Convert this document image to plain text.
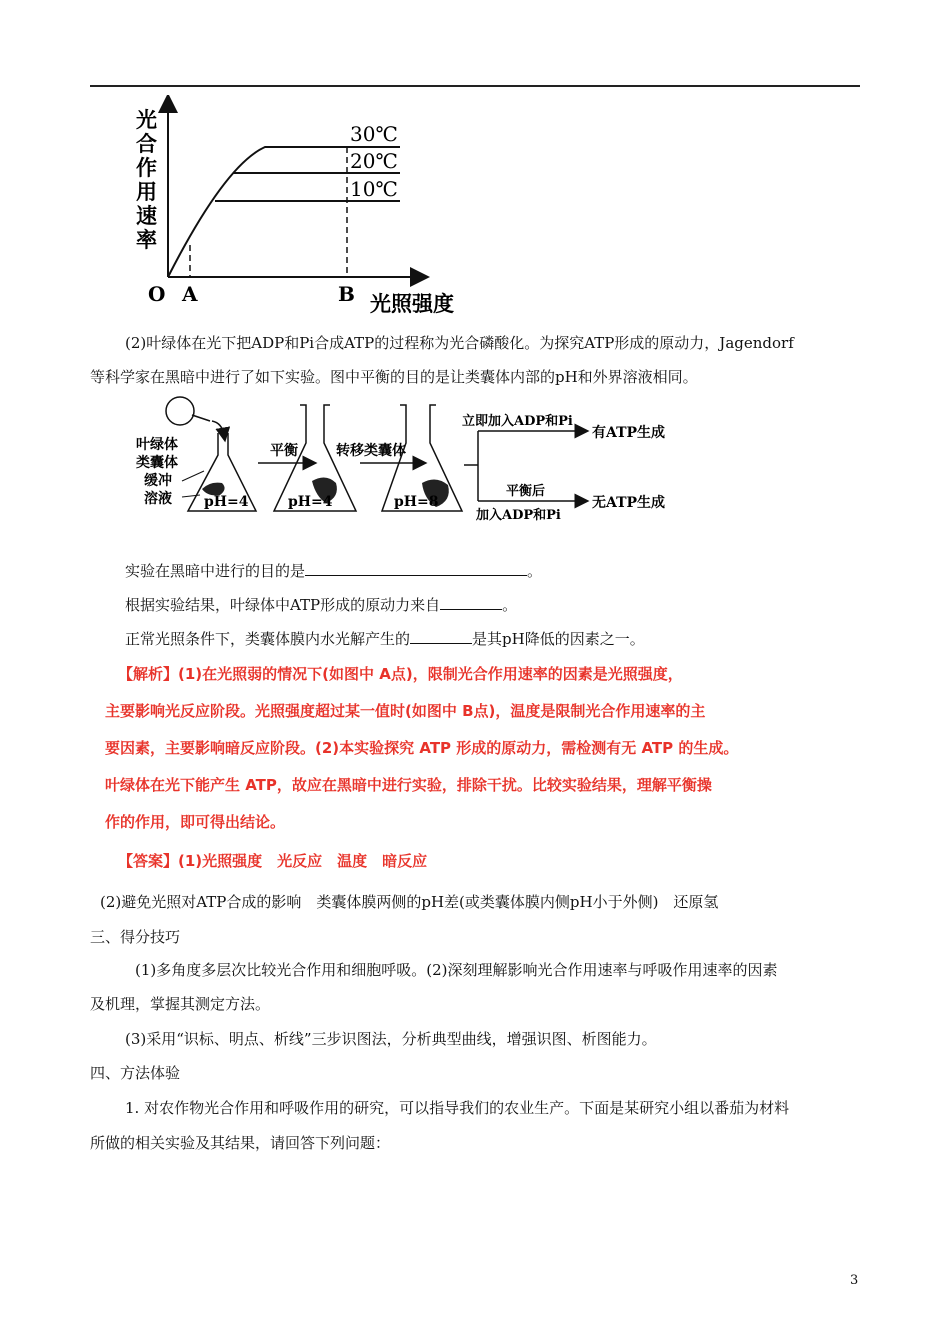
光
合
作
用
速
率
O A	B 光照强度
30℃
20℃
10℃
(2)叶绿体在光下把ADP和Pi合成ATP的过程称为光合磷酸化。为探究ATP形成的原动力，Jagendorf
等科学家在黑暗中进行了如下实验。图中平衡的目的是让类囊体内部的pH和外界溶液相同。
叶绿体
类囊体
缓冲
溶液 pH=4
平衡
pH=4
转移类囊体
pH=8
立即加入ADP和Pi
有ATP生成
平衡后
加入ADP和Pi
无ATP生成
实验在黑暗中进行的目的是	。
根据实验结果，叶绿体中ATP形成的原动力来自	。
正常光照条件下，类囊体膜内水光解产生的	是其pH降低的因素之一。
【解析】(1)在光照弱的情况下(如图中 A点)，限制光合作用速率的因素是光照强度，
主要影响光反应阶段。光照强度超过某一值时(如图中 B点)，温度是限制光合作用速率的主
要因素，主要影响暗反应阶段。(2)本实验探究 ATP 形成的原动力，需检测有无 ATP 的生成。
叶绿体在光下能产生 ATP，故应在黑暗中进行实验，排除干扰。比较实验结果，理解平衡操
作的作用，即可得出结论。
【答案】(1)光照强度　光反应　温度　暗反应
(2)避免光照对ATP合成的影响　类囊体膜两侧的pH差(或类囊体膜内侧pH小于外侧)　还原氢
三、得分技巧
(1)多角度多层次比较光合作用和细胞呼吸。(2)深刻理解影响光合作用速率与呼吸作用速率的因素
及机理，掌握其测定方法。
(3)采用“识标、明点、析线”三步识图法，分析典型曲线，增强识图、析图能力。
四、方法体验
1. 对农作物光合作用和呼吸作用的研究，可以指导我们的农业生产。下面是某研究小组以番茄为材料
所做的相关实验及其结果，请回答下列问题：
3
